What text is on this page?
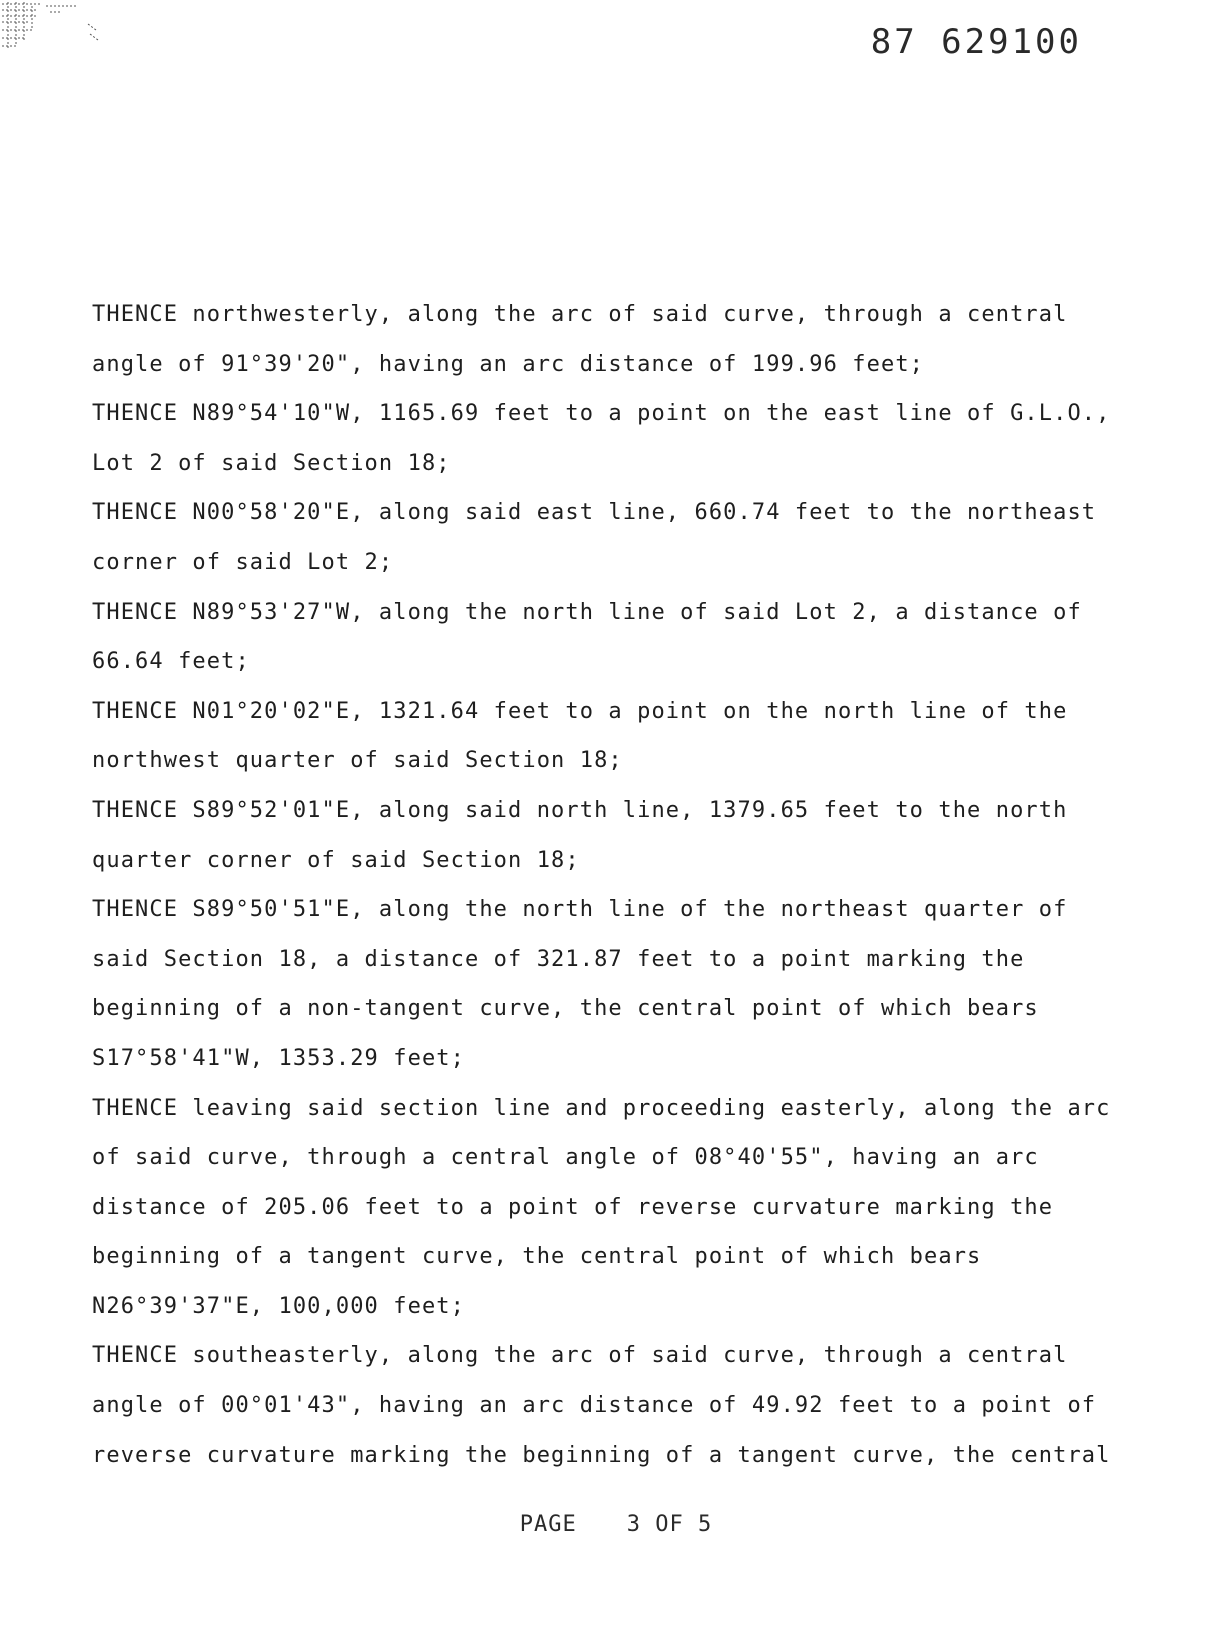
87 629100
THENCE northwesterly, along the arc of said curve, through a central
angle of 91°39'20", having an arc distance of 199.96 feet;
THENCE N89°54'10"W, 1165.69 feet to a point on the east line of G.L.O.,
Lot 2 of said Section 18;
THENCE N00°58'20"E, along said east line, 660.74 feet to the northeast
corner of said Lot 2;
THENCE N89°53'27"W, along the north line of said Lot 2, a distance of
66.64 feet;
THENCE N01°20'02"E, 1321.64 feet to a point on the north line of the
northwest quarter of said Section 18;
THENCE S89°52'01"E, along said north line, 1379.65 feet to the north
quarter corner of said Section 18;
THENCE S89°50'51"E, along the north line of the northeast quarter of
said Section 18, a distance of 321.87 feet to a point marking the
beginning of a non-tangent curve, the central point of which bears
S17°58'41"W, 1353.29 feet;
THENCE leaving said section line and proceeding easterly, along the arc
of said curve, through a central angle of 08°40'55", having an arc
distance of 205.06 feet to a point of reverse curvature marking the
beginning of a tangent curve, the central point of which bears
N26°39'37"E, 100,000 feet;
THENCE southeasterly, along the arc of said curve, through a central
angle of 00°01'43", having an arc distance of 49.92 feet to a point of
reverse curvature marking the beginning of a tangent curve, the central
PAGE 3 OF 5
